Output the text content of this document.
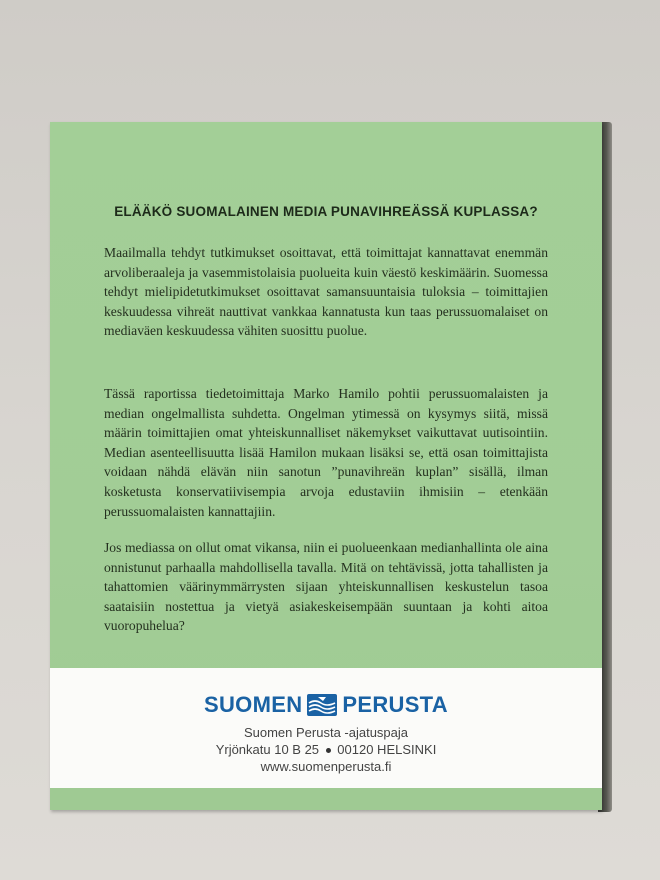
ELÄÄKÖ SUOMALAINEN MEDIA PUNAVIHREÄSSÄ KUPLASSA?

Maailmalla tehdyt tutkimukset osoittavat, että toimittajat kannattavat enemmän arvoliberaaleja ja vasemmistolaisia puolueita kuin väestö keskimäärin. Suomessa tehdyt mielipidetutkimukset osoittavat samansuuntaisia tuloksia – toimittajien keskuudessa vihreät nauttivat vankkaa kannatusta kun taas perussuomalaiset on mediaväen keskuudessa vähiten suosittu puolue.

Tässä raportissa tiedetoimittaja Marko Hamilo pohtii perussuomalaisten ja median ongelmallista suhdetta. Ongelman ytimessä on kysymys siitä, missä määrin toimittajien omat yhteiskunnalliset näkemykset vaikuttavat uutisointiin. Median asenteellisuutta lisää Hamilon mukaan lisäksi se, että osan toimittajista voidaan nähdä elävän niin sanotun ”punavihreän kuplan” sisällä, ilman kosketusta konservatiivisempia arvoja edustaviin ihmisiin – etenkään perussuomalaisten kannattajiin.

Jos mediassa on ollut omat vikansa, niin ei puolueenkaan medianhallinta ole aina onnistunut parhaalla mahdollisella tavalla. Mitä on tehtävissä, jotta tahallisten ja tahattomien väärinymmärrysten sijaan yhteiskunnallisen keskustelun tasoa saataisiin nostettua ja vietyä asiakeskeisempään suuntaan ja kohti aitoa vuoropuhelua?

SUOMEN PERUSTA
Suomen Perusta -ajatuspaja
Yrjönkatu 10 B 25 00120 HELSINKI
www.suomenperusta.fi
